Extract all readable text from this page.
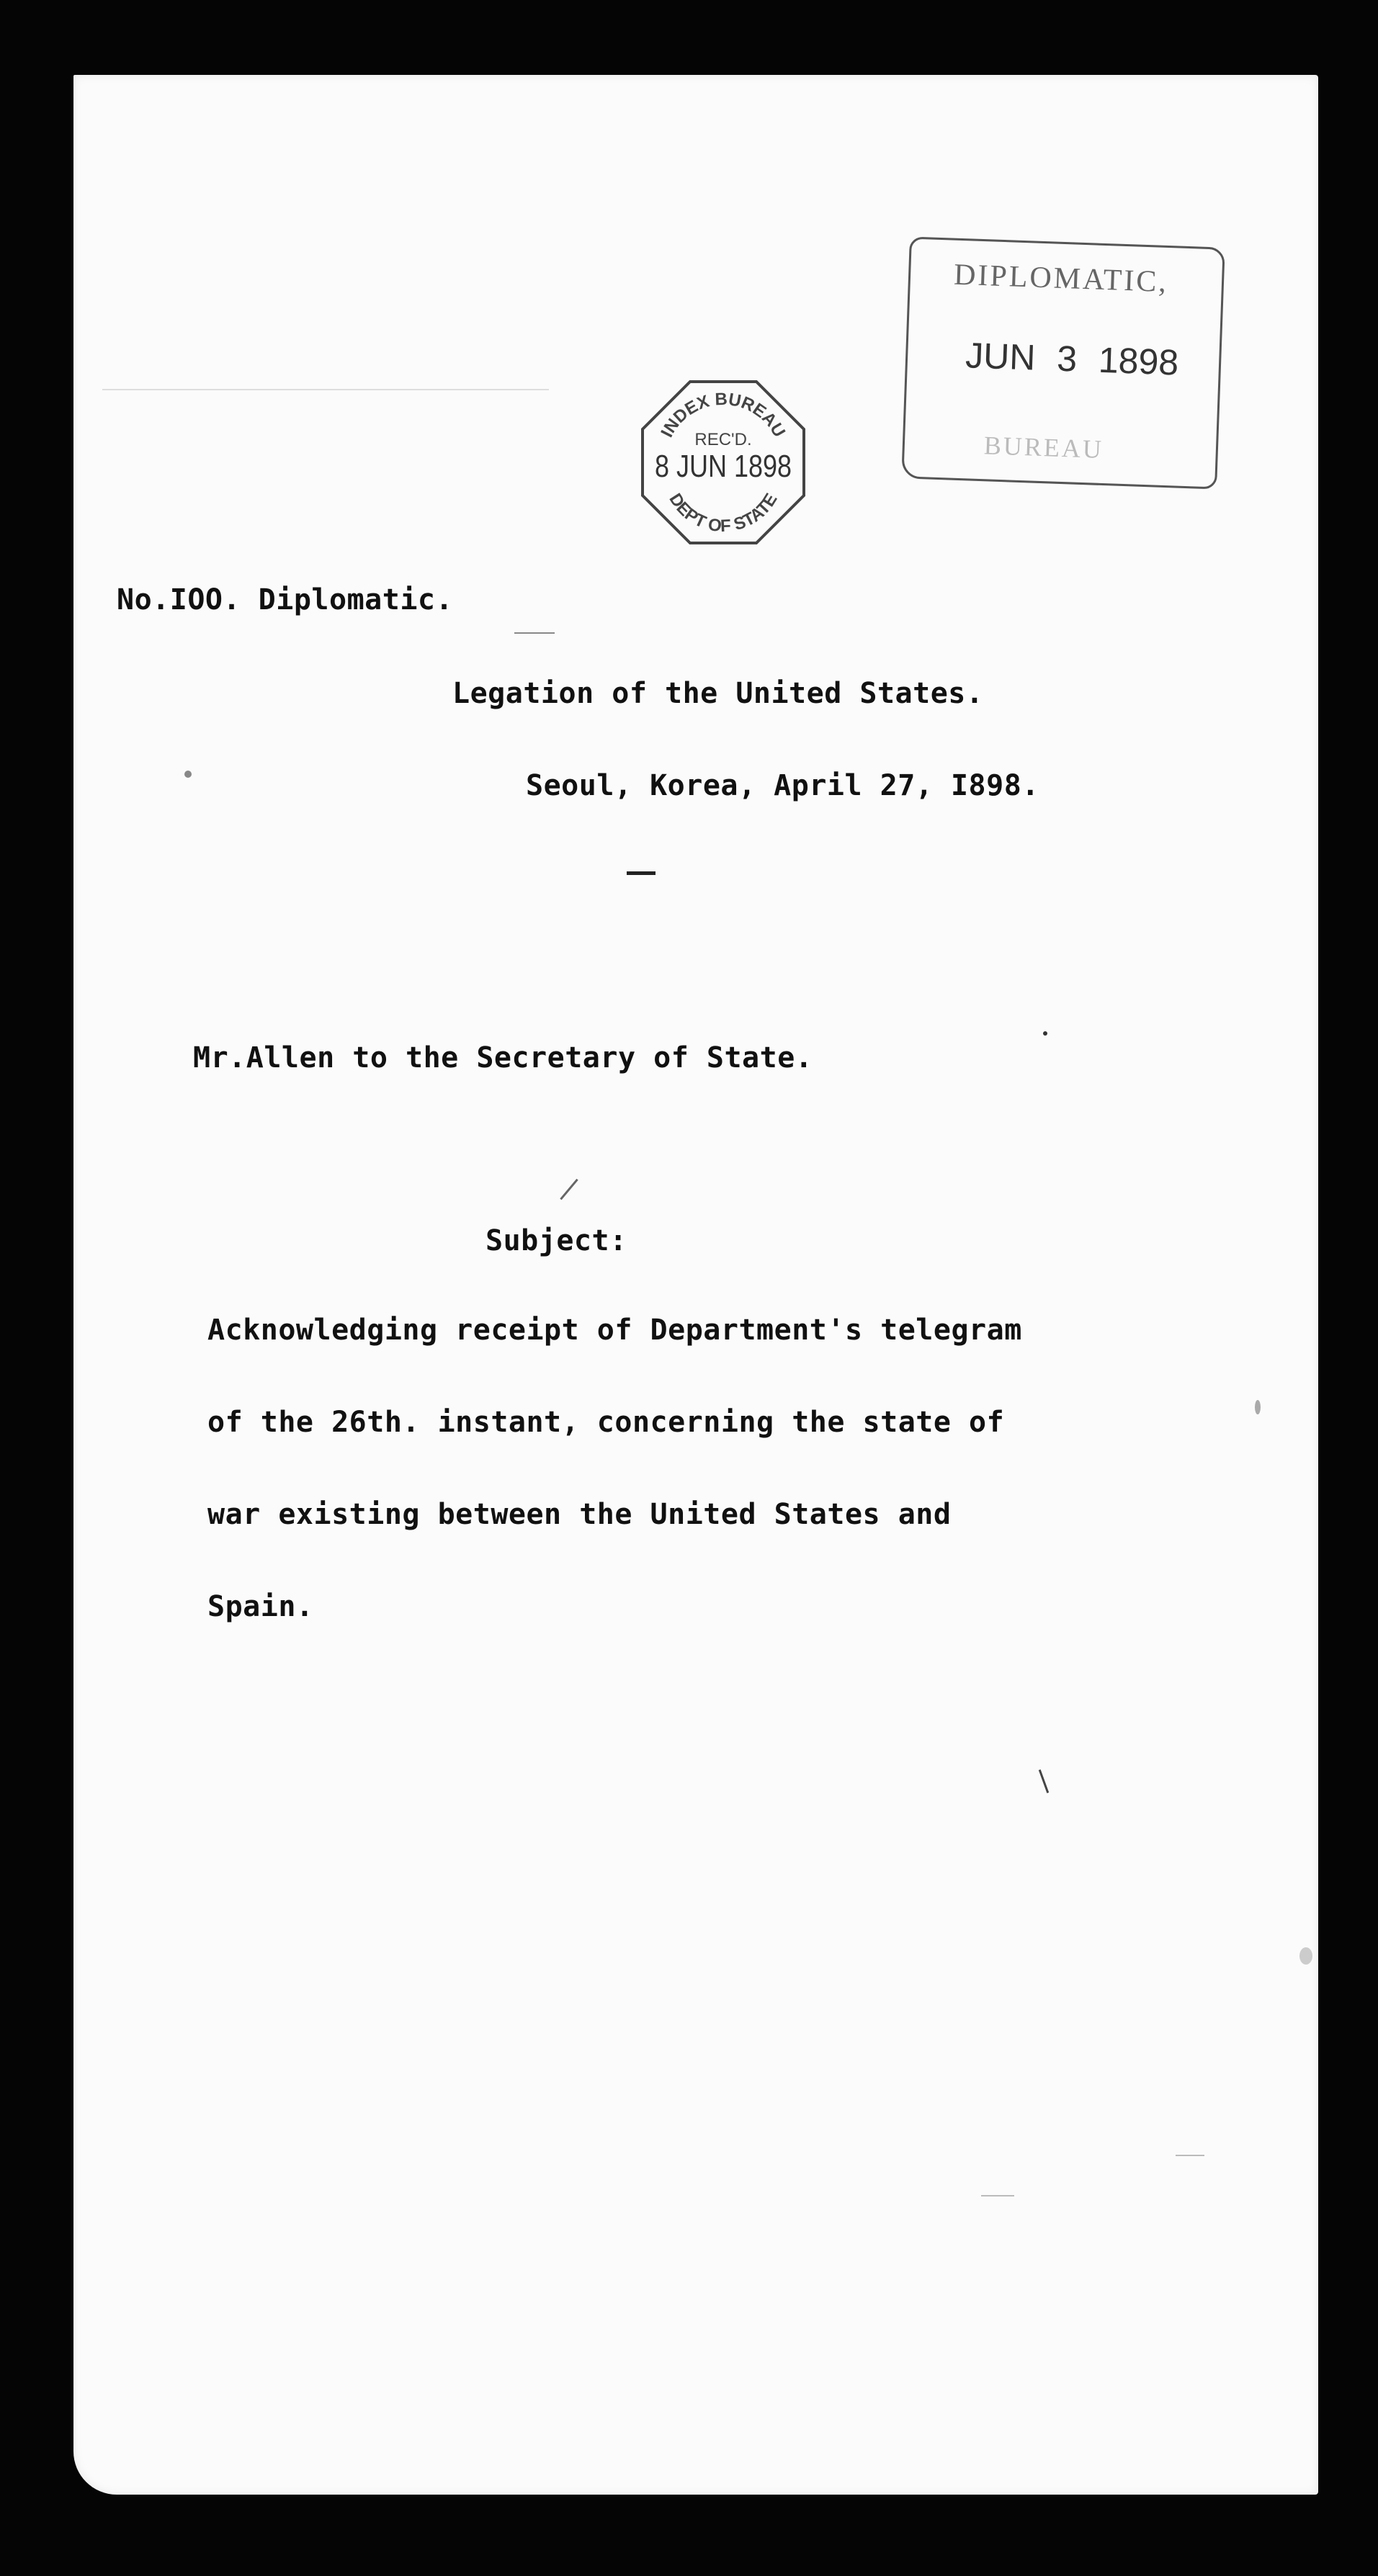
DIPLOMATIC,
JUN 3 1898
BUREAU
INDEX BUREAU
REC'D.
8 JUN 1898
DEPT OF STATE
No.IOO. Diplomatic.
Legation of the United States.
Seoul, Korea, April 27, I898.
Mr.Allen to the Secretary of State.
Subject:
Acknowledging receipt of Department's telegram
of the 26th. instant, concerning the state of
war existing between the United States and
Spain.
